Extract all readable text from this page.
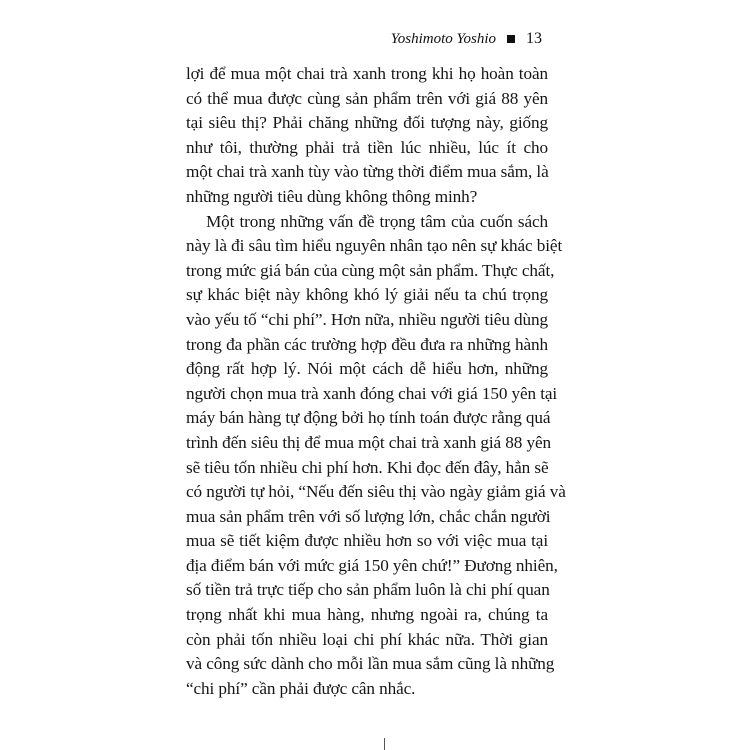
Yoshimoto Yoshio 13
lợi để mua một chai trà xanh trong khi họ hoàn toàn
có thể mua được cùng sản phẩm trên với giá 88 yên
tại siêu thị? Phải chăng những đối tượng này, giống
như tôi, thường phải trả tiền lúc nhiều, lúc ít cho
một chai trà xanh tùy vào từng thời điểm mua sắm, là
những người tiêu dùng không thông minh?
Một trong những vấn đề trọng tâm của cuốn sách
này là đi sâu tìm hiểu nguyên nhân tạo nên sự khác biệt
trong mức giá bán của cùng một sản phẩm. Thực chất,
sự khác biệt này không khó lý giải nếu ta chú trọng
vào yếu tố “chi phí”. Hơn nữa, nhiều người tiêu dùng
trong đa phần các trường hợp đều đưa ra những hành
động rất hợp lý. Nói một cách dễ hiểu hơn, những
người chọn mua trà xanh đóng chai với giá 150 yên tại
máy bán hàng tự động bởi họ tính toán được rằng quá
trình đến siêu thị để mua một chai trà xanh giá 88 yên
sẽ tiêu tốn nhiều chi phí hơn. Khi đọc đến đây, hẳn sẽ
có người tự hỏi, “Nếu đến siêu thị vào ngày giảm giá và
mua sản phẩm trên với số lượng lớn, chắc chắn người
mua sẽ tiết kiệm được nhiều hơn so với việc mua tại
địa điểm bán với mức giá 150 yên chứ!” Đương nhiên,
số tiền trả trực tiếp cho sản phẩm luôn là chi phí quan
trọng nhất khi mua hàng, nhưng ngoài ra, chúng ta
còn phải tốn nhiều loại chi phí khác nữa. Thời gian
và công sức dành cho mỗi lần mua sắm cũng là những
“chi phí” cần phải được cân nhắc.
